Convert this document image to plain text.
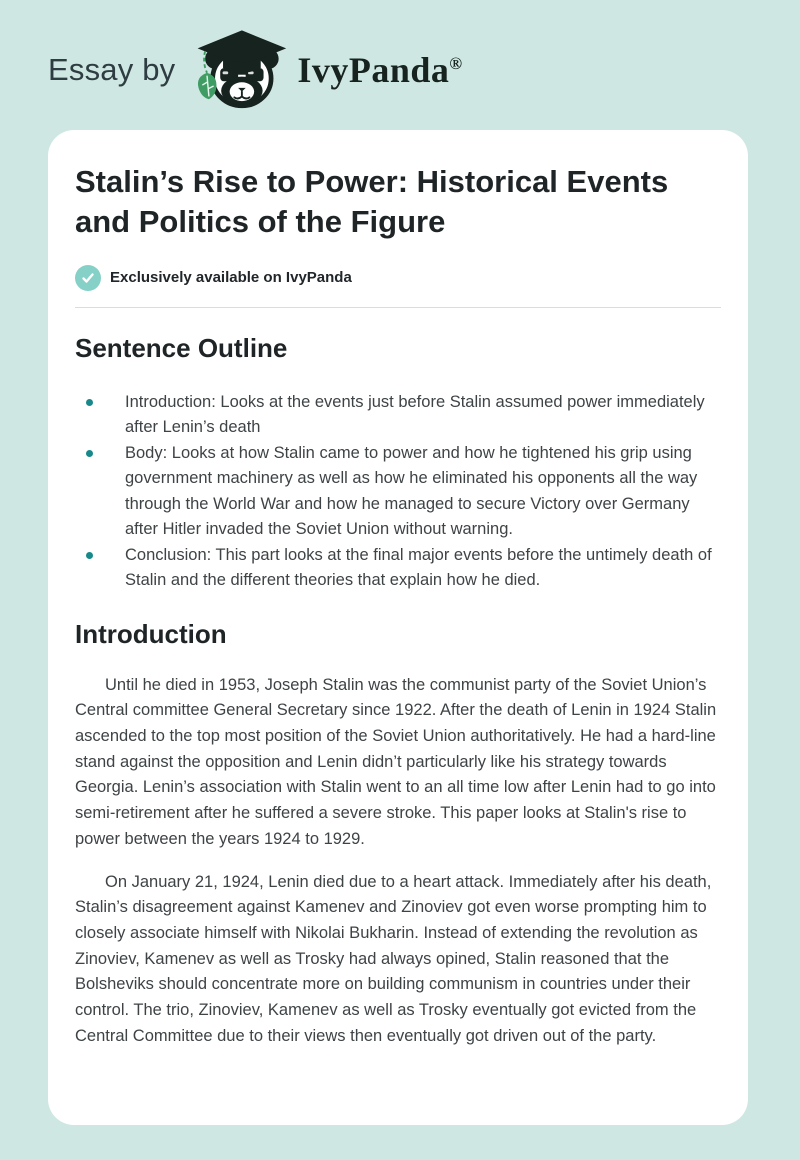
Essay by	IvyPanda®
Stalin’s Rise to Power: Historical Events and Politics of the Figure
Exclusively available on IvyPanda
Sentence Outline
Introduction: Looks at the events just before Stalin assumed power immediately after Lenin’s death
Body: Looks at how Stalin came to power and how he tightened his grip using government machinery as well as how he eliminated his opponents all the way through the World War and how he managed to secure Victory over Germany after Hitler invaded the Soviet Union without warning.
Conclusion: This part looks at the final major events before the untimely death of Stalin and the different theories that explain how he died.
Introduction

Until he died in 1953, Joseph Stalin was the communist party of the Soviet Union’s Central committee General Secretary since 1922. After the death of Lenin in 1924 Stalin ascended to the top most position of the Soviet Union authoritatively. He had a hard-line stand against the opposition and Lenin didn’t particularly like his strategy towards Georgia. Lenin’s association with Stalin went to an all time low after Lenin had to go into semi-retirement after he suffered a severe stroke. This paper looks at Stalin's rise to power between the years 1924 to 1929.

On January 21, 1924, Lenin died due to a heart attack. Immediately after his death, Stalin’s disagreement against Kamenev and Zinoviev got even worse prompting him to closely associate himself with Nikolai Bukharin. Instead of extending the revolution as Zinoviev, Kamenev as well as Trosky had always opined, Stalin reasoned that the Bolsheviks should concentrate more on building communism in countries under their control. The trio, Zinoviev, Kamenev as well as Trosky eventually got evicted from the Central Committee due to their views then eventually got driven out of the party.
